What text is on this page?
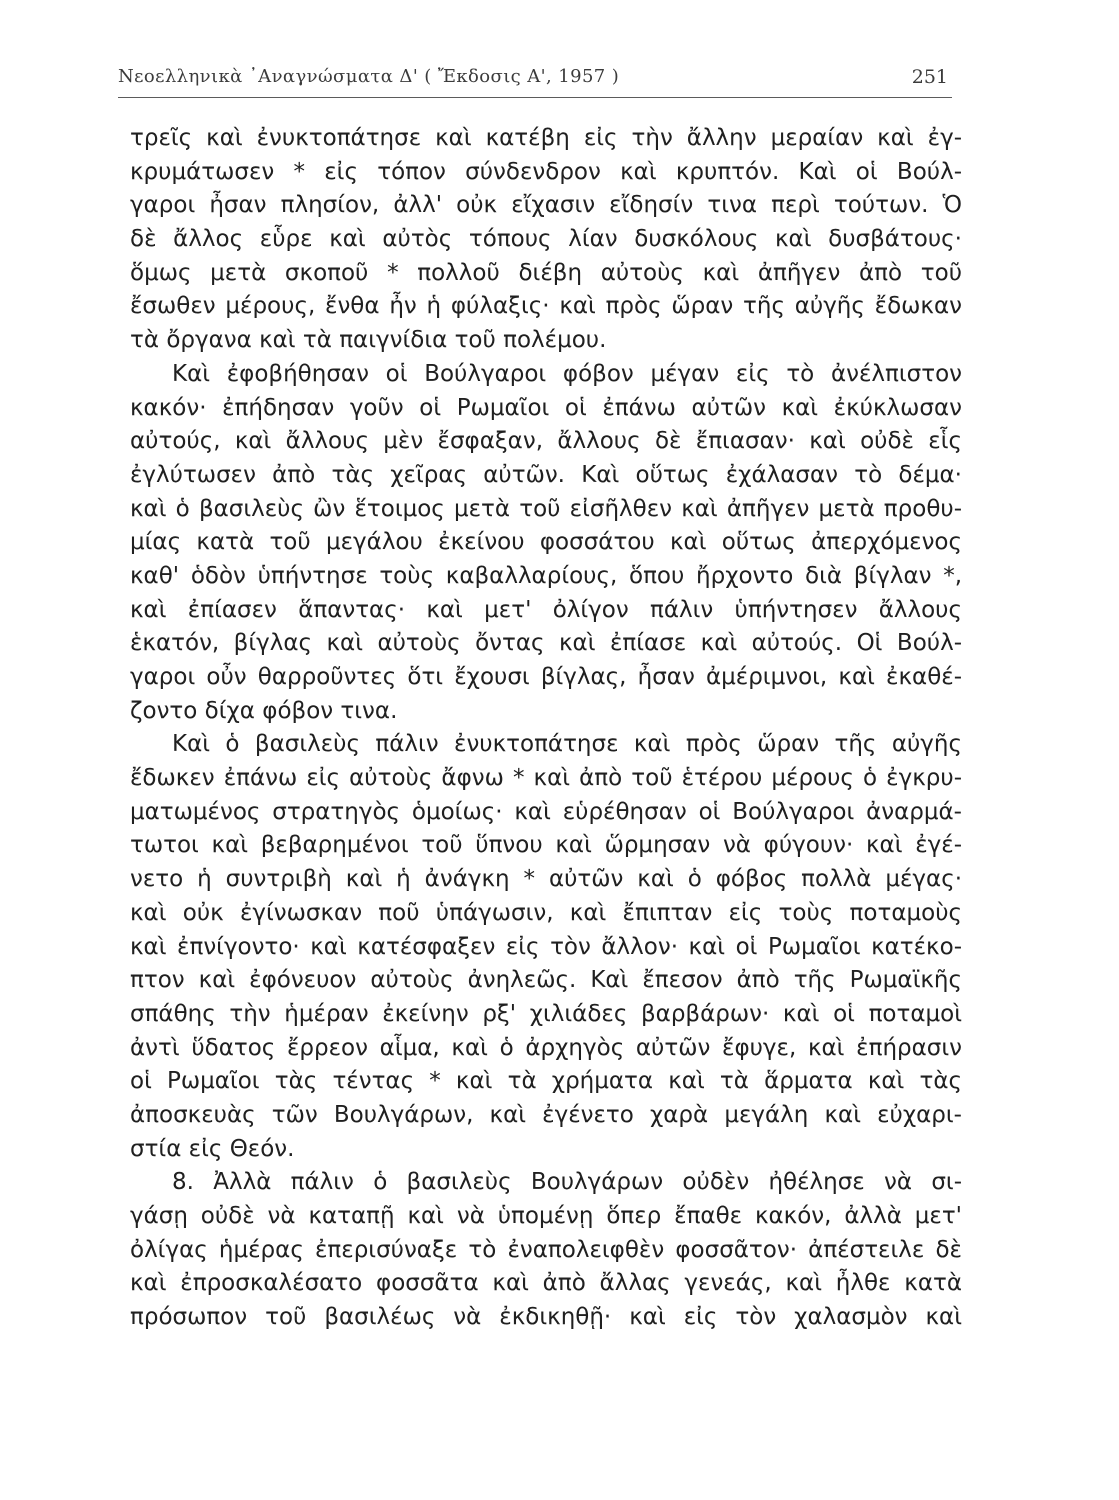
Νεοελληνικὰ ᾿Αναγνώσματα Δ' ( Ἔκδοσις Α', 1957 )	251
τρεῖς καὶ ἐνυκτοπάτησε καὶ κατέβη εἰς τὴν ἄλλην μεραίαν καὶ ἐγ-
κρυμάτωσεν * εἰς τόπον σύνδενδρον καὶ κρυπτόν. Καὶ οἱ Βούλ-
γαροι ἦσαν πλησίον, ἀλλ' οὐκ εἴχασιν εἴδησίν τινα περὶ τούτων. Ὁ
δὲ ἄλλος εὗρε καὶ αὐτὸς τόπους λίαν δυσκόλους καὶ δυσβάτους·
ὅμως μετὰ σκοποῦ * πολλοῦ διέβη αὐτοὺς καὶ ἀπῆγεν ἀπὸ τοῦ
ἔσωθεν μέρους, ἔνθα ἦν ἡ φύλαξις· καὶ πρὸς ὥραν τῆς αὐγῆς ἔδωκαν
τὰ ὄργανα καὶ τὰ παιγνίδια τοῦ πολέμου.
Καὶ ἐφοβήθησαν οἱ Βούλγαροι φόβον μέγαν εἰς τὸ ἀνέλπιστον
κακόν· ἐπήδησαν γοῦν οἱ Ρωμαῖοι οἱ ἐπάνω αὐτῶν καὶ ἐκύκλωσαν
αὐτούς, καὶ ἄλλους μὲν ἔσφαξαν, ἄλλους δὲ ἔπιασαν· καὶ οὐδὲ εἷς
ἐγλύτωσεν ἀπὸ τὰς χεῖρας αὐτῶν. Καὶ οὕτως ἐχάλασαν τὸ δέμα·
καὶ ὁ βασιλεὺς ὢν ἕτοιμος μετὰ τοῦ εἰσῆλθεν καὶ ἀπῆγεν μετὰ προθυ-
μίας κατὰ τοῦ μεγάλου ἐκείνου φοσσάτου καὶ οὕτως ἀπερχόμενος
καθ' ὁδὸν ὑπήντησε τοὺς καβαλλαρίους, ὅπου ἤρχοντο διὰ βίγλαν *,
καὶ ἐπίασεν ἅπαντας· καὶ μετ' ὀλίγον πάλιν ὑπήντησεν ἄλλους
ἑκατόν, βίγλας καὶ αὐτοὺς ὄντας καὶ ἐπίασε καὶ αὐτούς. Οἱ Βούλ-
γαροι οὖν θαρροῦντες ὅτι ἔχουσι βίγλας, ἦσαν ἀμέριμνοι, καὶ ἐκαθέ-
ζοντο δίχα φόβον τινα.
Καὶ ὁ βασιλεὺς πάλιν ἐνυκτοπάτησε καὶ πρὸς ὥραν τῆς αὐγῆς
ἔδωκεν ἐπάνω εἰς αὐτοὺς ἄφνω * καὶ ἀπὸ τοῦ ἑτέρου μέρους ὁ ἐγκρυ-
ματωμένος στρατηγὸς ὁμοίως· καὶ εὑρέθησαν οἱ Βούλγαροι ἀναρμά-
τωτοι καὶ βεβαρημένοι τοῦ ὕπνου καὶ ὥρμησαν νὰ φύγουν· καὶ ἐγέ-
νετο ἡ συντριβὴ καὶ ἡ ἀνάγκη * αὐτῶν καὶ ὁ φόβος πολλὰ μέγας·
καὶ οὐκ ἐγίνωσκαν ποῦ ὑπάγωσιν, καὶ ἔπιπταν εἰς τοὺς ποταμοὺς
καὶ ἐπνίγοντο· καὶ κατέσφαξεν εἰς τὸν ἄλλον· καὶ οἱ Ρωμαῖοι κατέκο-
πτον καὶ ἐφόνευον αὐτοὺς ἀνηλεῶς. Καὶ ἔπεσον ἀπὸ τῆς Ρωμαϊκῆς
σπάθης τὴν ἡμέραν ἐκείνην ρξ' χιλιάδες βαρβάρων· καὶ οἱ ποταμοὶ
ἀντὶ ὕδατος ἔρρεον αἷμα, καὶ ὁ ἀρχηγὸς αὐτῶν ἔφυγε, καὶ ἐπήρασιν
οἱ Ρωμαῖοι τὰς τέντας * καὶ τὰ χρήματα καὶ τὰ ἅρματα καὶ τὰς
ἀποσκευὰς τῶν Βουλγάρων, καὶ ἐγένετο χαρὰ μεγάλη καὶ εὐχαρι-
στία εἰς Θεόν.
8. Ἀλλὰ πάλιν ὁ βασιλεὺς Βουλγάρων οὐδὲν ἠθέλησε νὰ σι-
γάσῃ οὐδὲ νὰ καταπῇ καὶ νὰ ὑπομένῃ ὅπερ ἔπαθε κακόν, ἀλλὰ μετ'
ὀλίγας ἡμέρας ἐπερισύναξε τὸ ἐναπολειφθὲν φοσσᾶτον· ἀπέστειλε δὲ
καὶ ἐπροσκαλέσατο φοσσᾶτα καὶ ἀπὸ ἄλλας γενεάς, καὶ ἦλθε κατὰ
πρόσωπον τοῦ βασιλέως νὰ ἐκδικηθῇ· καὶ εἰς τὸν χαλασμὸν καὶ
